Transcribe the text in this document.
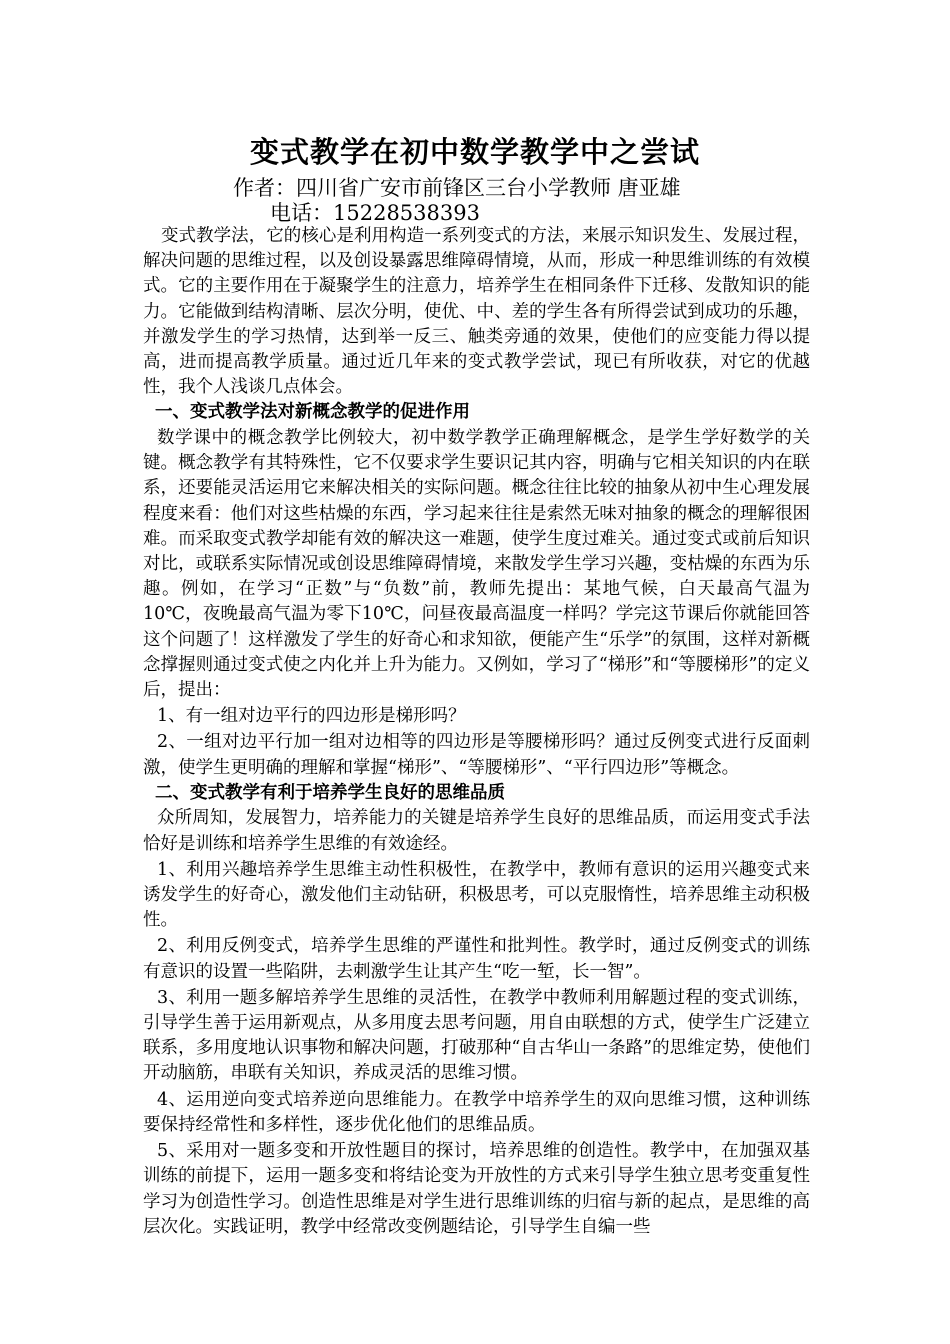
变式教学在初中数学教学中之尝试
作者：四川省广安市前锋区三台小学教师 唐亚雄
电话：15228538393

变式教学法，它的核心是利用构造一系列变式的方法，来展示知识发生、发展过程，解决问题的思维过程，以及创设暴露思维障碍情境，从而，形成一种思维训练的有效模式。它的主要作用在于凝聚学生的注意力，培养学生在相同条件下迁移、发散知识的能力。它能做到结构清晰、层次分明，使优、中、差的学生各有所得尝试到成功的乐趣，并激发学生的学习热情，达到举一反三、触类旁通的效果，使他们的应变能力得以提高，进而提高教学质量。通过近几年来的变式教学尝试，现已有所收获，对它的优越性，我个人浅谈几点体会。

一、变式教学法对新概念教学的促进作用

数学课中的概念教学比例较大，初中数学教学正确理解概念，是学生学好数学的关键。概念教学有其特殊性，它不仅要求学生要识记其内容，明确与它相关知识的内在联系，还要能灵活运用它来解决相关的实际问题。概念往往比较的抽象从初中生心理发展程度来看：他们对这些枯燥的东西，学习起来往往是索然无味对抽象的概念的理解很困难。而采取变式教学却能有效的解决这一难题，使学生度过难关。通过变式或前后知识对比，或联系实际情况或创设思维障碍情境，来散发学生学习兴趣，变枯燥的东西为乐趣。例如，在学习“正数”与“负数”前，教师先提出：某地气候，白天最高气温为10℃，夜晚最高气温为零下10℃，问昼夜最高温度一样吗？学完这节课后你就能回答这个问题了！这样激发了学生的好奇心和求知欲，便能产生“乐学”的氛围，这样对新概念撑握则通过变式使之内化并上升为能力。又例如，学习了“梯形”和“等腰梯形”的定义后，提出：

1、有一组对边平行的四边形是梯形吗？

2、一组对边平行加一组对边相等的四边形是等腰梯形吗？通过反例变式进行反面刺激，使学生更明确的理解和掌握“梯形”、“等腰梯形”、“平行四边形”等概念。

二、变式教学有利于培养学生良好的思维品质

众所周知，发展智力，培养能力的关键是培养学生良好的思维品质，而运用变式手法恰好是训练和培养学生思维的有效途经。

1、利用兴趣培养学生思维主动性积极性，在教学中，教师有意识的运用兴趣变式来诱发学生的好奇心，激发他们主动钻研，积极思考，可以克服惰性，培养思维主动积极性。

2、利用反例变式，培养学生思维的严谨性和批判性。教学时，通过反例变式的训练有意识的设置一些陷阱，去刺激学生让其产生“吃一堑，长一智”。

3、利用一题多解培养学生思维的灵活性，在教学中教师利用解题过程的变式训练，引导学生善于运用新观点，从多用度去思考问题，用自由联想的方式，使学生广泛建立联系，多用度地认识事物和解决问题，打破那种“自古华山一条路”的思维定势，使他们开动脑筋，串联有关知识，养成灵活的思维习惯。

4、运用逆向变式培养逆向思维能力。在教学中培养学生的双向思维习惯，这种训练要保持经常性和多样性，逐步优化他们的思维品质。

5、采用对一题多变和开放性题目的探讨，培养思维的创造性。教学中，在加强双基训练的前提下，运用一题多变和将结论变为开放性的方式来引导学生独立思考变重复性学习为创造性学习。创造性思维是对学生进行思维训练的归宿与新的起点，是思维的高层次化。实践证明，教学中经常改变例题结论，引导学生自编一些
